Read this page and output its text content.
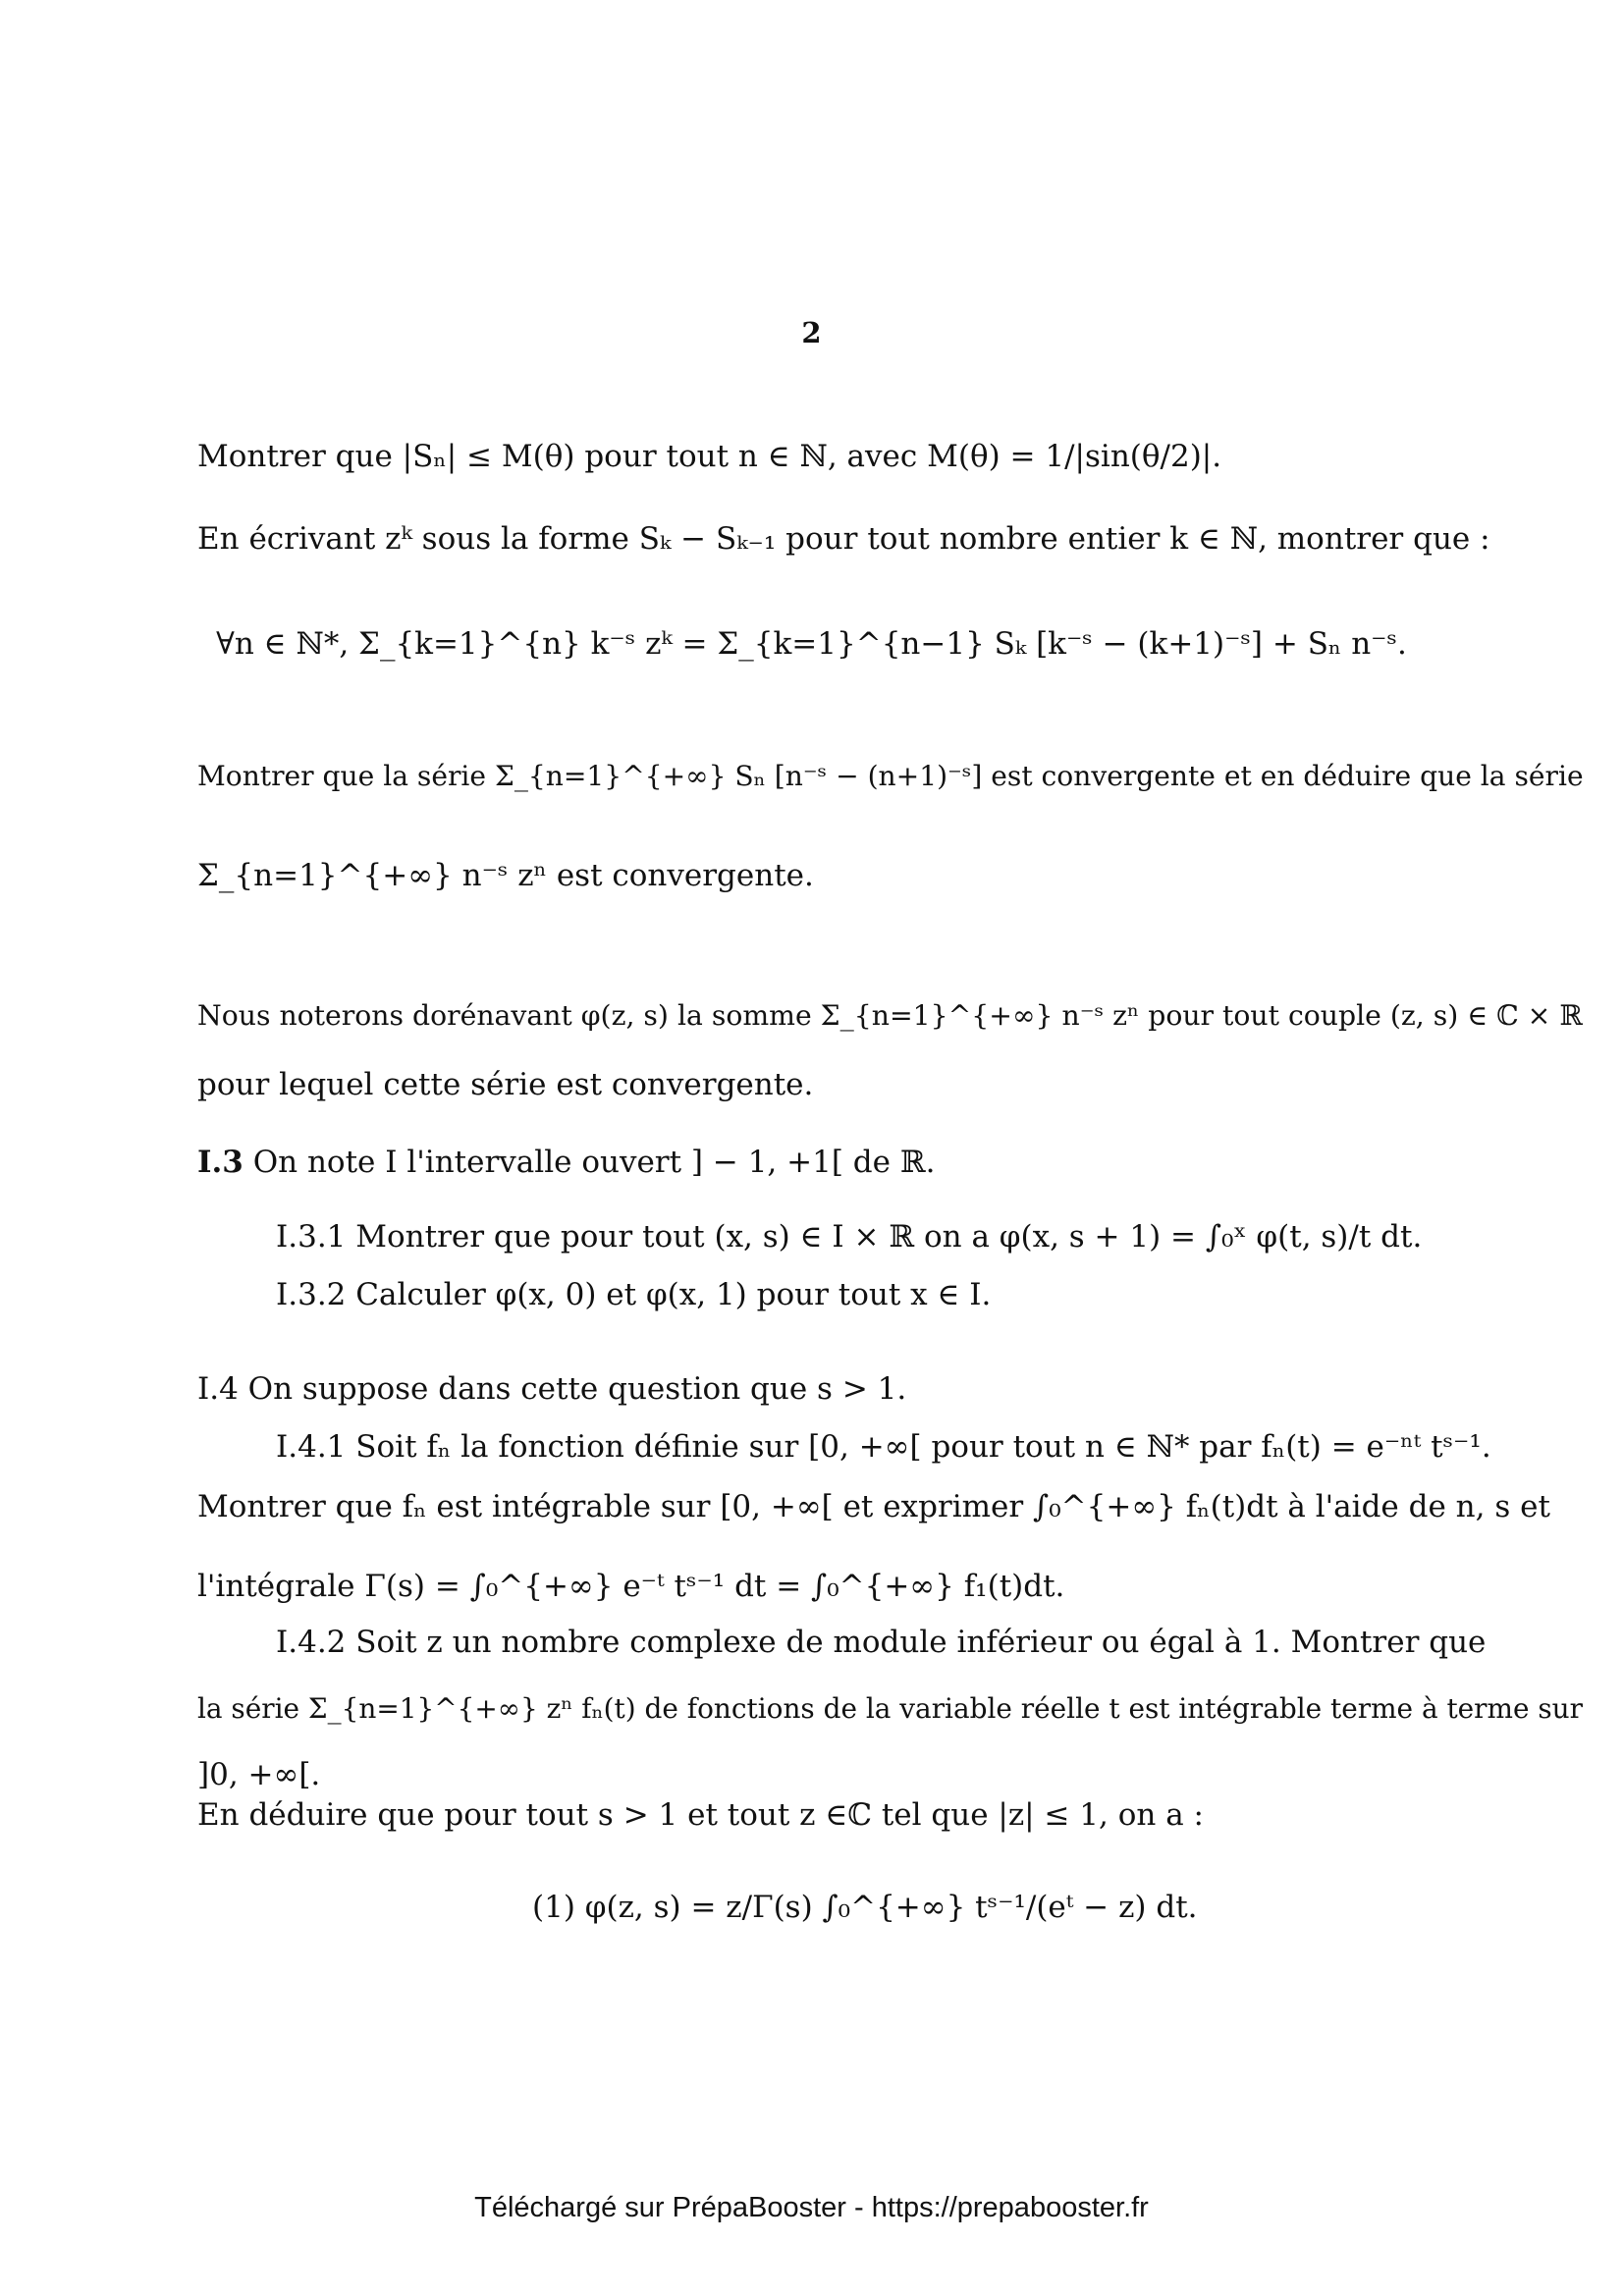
2
Montrer que |Sₙ| ≤ M(θ) pour tout n ∈ ℕ, avec M(θ) = 1/|sin(θ/2)|.
En écrivant zᵏ sous la forme Sₖ − Sₖ₋₁ pour tout nombre entier k ∈ ℕ, montrer que :
∀n ∈ ℕ*, Σ_{k=1}^{n} k⁻ˢ zᵏ = Σ_{k=1}^{n−1} Sₖ [k⁻ˢ − (k+1)⁻ˢ] + Sₙ n⁻ˢ.
Montrer que la série Σ_{n=1}^{+∞} Sₙ [n⁻ˢ − (n+1)⁻ˢ] est convergente et en déduire que la série
Σ_{n=1}^{+∞} n⁻ˢ zⁿ est convergente.
Nous noterons dorénavant φ(z, s) la somme Σ_{n=1}^{+∞} n⁻ˢ zⁿ pour tout couple (z, s) ∈ ℂ × ℝ
pour lequel cette série est convergente.
I.3 On note I l'intervalle ouvert ] − 1, +1[ de ℝ.
I.3.1 Montrer que pour tout (x, s) ∈ I × ℝ on a φ(x, s + 1) = ∫₀ˣ φ(t, s)/t dt.
I.3.2 Calculer φ(x, 0) et φ(x, 1) pour tout x ∈ I.
I.4 On suppose dans cette question que s > 1.
I.4.1 Soit fₙ la fonction définie sur [0, +∞[ pour tout n ∈ ℕ* par fₙ(t) = e⁻ⁿᵗ tˢ⁻¹.
Montrer que fₙ est intégrable sur [0, +∞[ et exprimer ∫₀^{+∞} fₙ(t)dt à l'aide de n, s et
l'intégrale Γ(s) = ∫₀^{+∞} e⁻ᵗ tˢ⁻¹ dt = ∫₀^{+∞} f₁(t)dt.
I.4.2 Soit z un nombre complexe de module inférieur ou égal à 1. Montrer que
la série Σ_{n=1}^{+∞} zⁿ fₙ(t) de fonctions de la variable réelle t est intégrable terme à terme sur
]0, +∞[.
En déduire que pour tout s > 1 et tout z ∈ℂ tel que |z| ≤ 1, on a :
(1) φ(z, s) = z/Γ(s) ∫₀^{+∞} tˢ⁻¹/(eᵗ − z) dt.
Téléchargé sur PrépaBooster - https://prepabooster.fr
